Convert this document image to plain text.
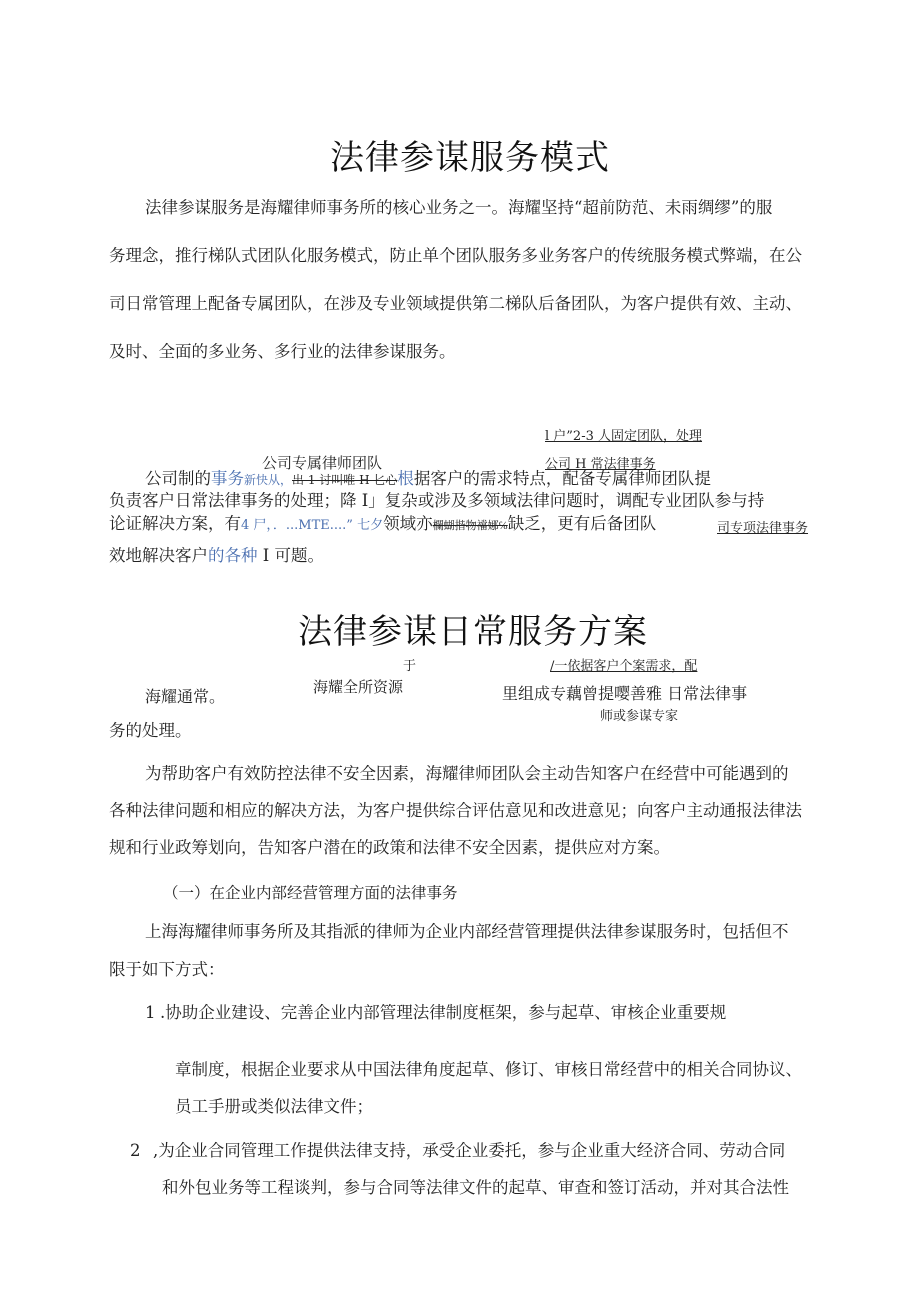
法律参谋服务模式
法律参谋服务是海耀律师事务所的核心业务之一。海耀坚持“超前防范、未雨绸缪”的服
务理念，推行梯队式团队化服务模式，防止单个团队服务多业务客户的传统服务模式弊端，在公
司日常管理上配备专属团队，在涉及专业领域提供第二梯队后备团队，为客户提供有效、主动、
及时、全面的多业务、多行业的法律参谋服务。
l 户”2-3 人固定团队，处理
公司专属律师团队	公司 H 常法律事务
公司制的事务新快从，出 1 讨叫唯 H 匕心根据客户的需求特点，配备专属律师团队提
负责客户日常法律事务的处理；降 I」复杂或涉及多领域法律问题时，调配专业团队参与持
论证解决方案，有4 尸，．...MTE....” 七夕领域亦欄蝴揩物襠娜℅缺乏，更有后备团队	司专项法律事务
效地解决客户的各种 I 可题。
法律参谋日常服务方案
于	/一依据客户个案需求，配
海耀通常。	海耀全所资源	里组成专藕曾提嘤善雅 日常法律事
师或参谋专家
务的处理。
为帮助客户有效防控法律不安全因素，海耀律师团队会主动告知客户在经营中可能遇到的
各种法律问题和相应的解决方法，为客户提供综合评估意见和改进意见；向客户主动通报法律法
规和行业政筹划向，告知客户潜在的政策和法律不安全因素，提供应对方案。
（一）在企业内部经营管理方面的法律事务
上海海耀律师事务所及其指派的律师为企业内部经营管理提供法律参谋服务时，包括但不
限于如下方式：
1 .协助企业建设、完善企业内部管理法律制度框架，参与起草、审核企业重要规
章制度，根据企业要求从中国法律角度起草、修订、审核日常经营中的相关合同协议、
员工手册或类似法律文件；
2 ,为企业合同管理工作提供法律支持，承受企业委托，参与企业重大经济合同、劳动合同
和外包业务等工程谈判，参与合同等法律文件的起草、审查和签订活动，并对其合法性
